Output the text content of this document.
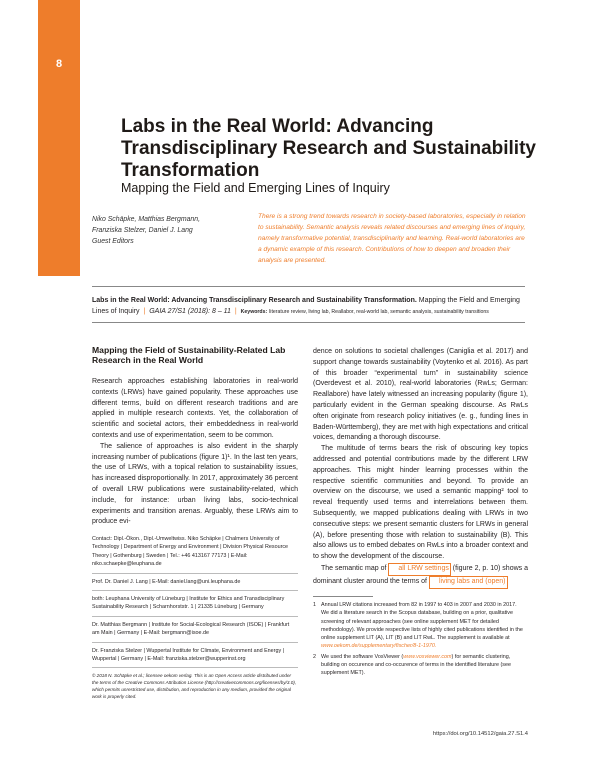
8
Labs in the Real World: Advancing Transdisciplinary Research and Sustainability Transformation
Mapping the Field and Emerging Lines of Inquiry
Niko Schäpke, Matthias Bergmann,
Franziska Stelzer, Daniel J. Lang
Guest Editors
There is a strong trend towards research in society-based laboratories, especially in relation to sustainability. Semantic analysis reveals related discourses and emerging lines of inquiry, namely transformative potential, transdisciplinarity and learning. Real-world laboratories are a dynamic example of this research. Contributions of how to deepen and broaden their analysis are presented.
Labs in the Real World: Advancing Transdisciplinary Research and Sustainability Transformation. Mapping the Field and Emerging Lines of Inquiry | GAIA 27/S1 (2018): 8 – 11 | Keywords: literature review, living lab, Reallabor, real-world lab, semantic analysis, sustainability transitions
Mapping the Field of Sustainability-Related Lab Research in the Real World

Research approaches establishing laboratories in real-world contexts (LRWs) have gained popularity. These approaches use different terms, build on different research traditions and are applied in multiple research contexts. Yet, the collaboration of scientific and societal actors, their embeddedness in real-world contexts and use of experimentation, seem to be common.

The salience of approaches is also evident in the sharply increasing number of publications (figure 1)¹. In the last ten years, the use of LRWs, with a topical relation to sustainability issues, has increased disproportionally. In 2017, approximately 36 percent of overall LRW publications were sustainability-related, which include, for instance: urban living labs, socio-technical experiments and transition arenas. Arguably, these LRWs aim to produce evi-

Contact: Dipl.-Ökon., Dipl.-Umweltwiss. Niko Schäpke | Chalmers University of Technology | Department of Energy and Environment | Division Physical Resource Theory | Gothenburg | Sweden | Tel.: +46 413167 77173 | E-Mail: niko.schaepke@leuphana.de
Prof. Dr. Daniel J. Lang | E-Mail: daniel.lang@uni.leuphana.de
both: Leuphana University of Lüneburg | Institute for Ethics and Transdisciplinary Sustainability Research | Scharnhorststr. 1 | 21335 Lüneburg | Germany
Dr. Matthias Bergmann | Institute for Social-Ecological Research (ISOE) | Frankfurt am Main | Germany | E-Mail: bergmann@isoe.de
Dr. Franziska Stelzer | Wuppertal Institute for Climate, Environment and Energy | Wuppertal | Germany | E-Mail: franziska.stelzer@wupperinst.org
© 2018 N. Schäpke et al.; licensee oekom verlag. This is an Open Access article distributed under the terms of the Creative Commons Attribution License (http://creativecommons.org/licenses/by/3.0), which permits unrestricted use, distribution, and reproduction in any medium, provided the original work is properly cited.

dence on solutions to societal challenges (Caniglia et al. 2017) and support change towards sustainability (Voytenko et al. 2016). As part of this broader “experimental turn” in sustainability science (Overdevest et al. 2010), real-world laboratories (RwLs; German: Reallabore) have lately witnessed an increasing popularity (figure 1), particularly evident in the German speaking discourse. As RwLs often originate from research policy initiatives (e. g., funding lines in Baden-Württemberg), they are met with high expectations and critical voices, demanding a thorough discourse.

The multitude of terms bears the risk of obscuring key topics addressed and potential contributions made by the different LRW approaches. This might hinder learning processes within the respective scientific communities and beyond. To provide an overview on the discourse, we used a semantic mapping² tool to reveal frequently used terms and interrelations between them. Subsequently, we mapped publications dealing with LRWs in two consecutive steps: we present semantic clusters for LRWs in general (A), before presenting those with relation to sustainability (B). This also allows us to embed debates on RwLs into a broader context and to show the development of the discourse.

The semantic map of all LRW settings (figure 2, p. 10) shows a dominant cluster around the terms of living labs and (open)

1 Annual LRW citations increased from 82 in 1997 to 403 in 2007 and 2030 in 2017. We did a literature search in the Scopus database, building on a prior, qualitative screening of relevant approaches (see online supplement MET for detailed methodology). We provide respective lists of highly cited publications identified in the online supplement LIT (A), LIT (B) and LIT RwL. The supplement is available at www.oekom.de/supplementary/fischer/8-1-1970.
2 We used the software VosViewer (www.vosviewer.com) for semantic clustering, building on occurence and co-occurence of terms in the identified literature (see supplement MET).
https://doi.org/10.14512/gaia.27.S1.4
